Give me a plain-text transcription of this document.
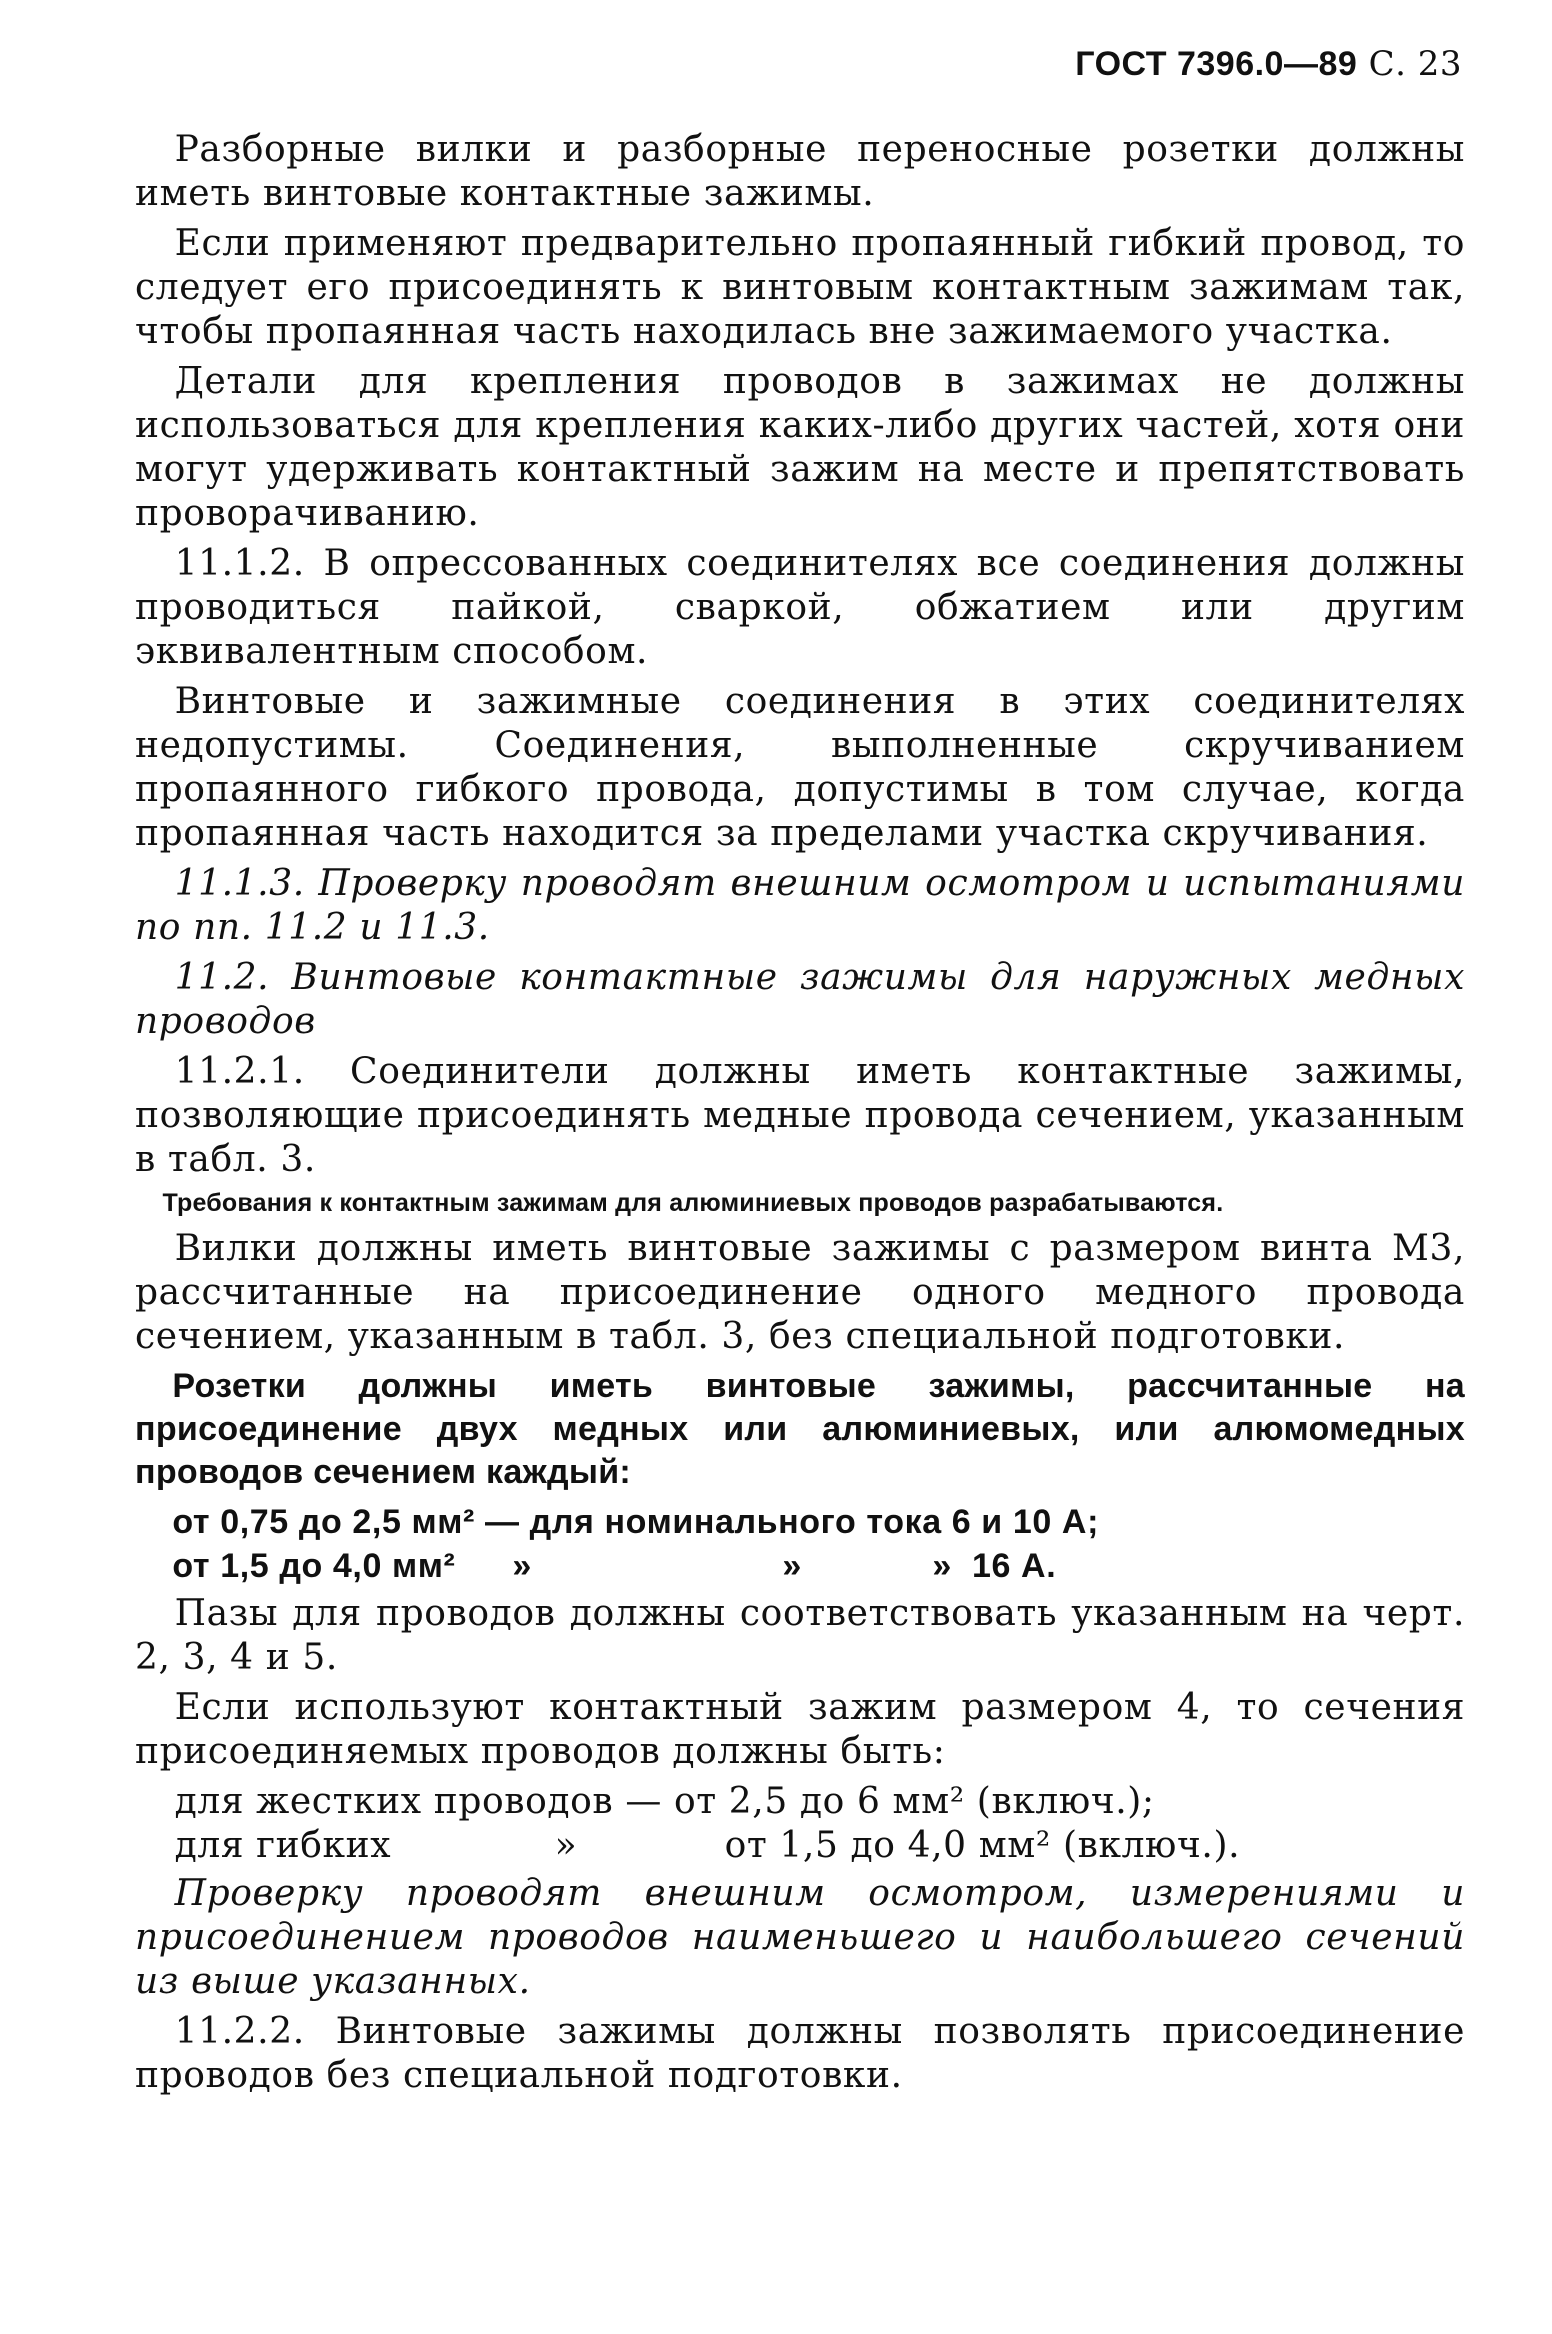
ГОСТ 7396.0—89 С. 23

Разборные вилки и разборные переносные розетки должны иметь винтовые контактные зажимы.

Если применяют предварительно пропаянный гибкий провод, то следует его присоединять к винтовым контактным зажимам так, чтобы пропаянная часть находилась вне зажимаемого участка.

Детали для крепления проводов в зажимах не должны использоваться для крепления каких-либо других частей, хотя они могут удерживать контактный зажим на месте и препятствовать проворачиванию.

11.1.2. В опрессованных соединителях все соединения должны проводиться пайкой, сваркой, обжатием или другим эквивалентным способом.

Винтовые и зажимные соединения в этих соединителях недопустимы. Соединения, выполненные скручиванием пропаянного гибкого провода, допустимы в том случае, когда пропаянная часть находится за пределами участка скручивания.

11.1.3. Проверку проводят внешним осмотром и испытаниями по пп. 11.2 и 11.3.

11.2. Винтовые контактные зажимы для наружных медных проводов

11.2.1. Соединители должны иметь контактные зажимы, позволяющие присоединять медные провода сечением, указанным в табл. 3.

Требования к контактным зажимам для алюминиевых проводов разрабатываются.

Вилки должны иметь винтовые зажимы с размером винта М3, рассчитанные на присоединение одного медного провода сечением, указанным в табл. 3, без специальной подготовки.

Розетки должны иметь винтовые зажимы, рассчитанные на присоединение двух медных или алюминиевых, или алюмомедных проводов сечением каждый:

от 0,75 до 2,5 мм² — для номинального тока 6 и 10 А;
от 1,5 до 4,0 мм² »	»	»  16 А.

Пазы для проводов должны соответствовать указанным на черт. 2, 3, 4 и 5.

Если используют контактный зажим размером 4, то сечения присоединяемых проводов должны быть:

для жестких проводов — от 2,5 до 6 мм² (включ.);
для гибких	»	от 1,5 до 4,0 мм² (включ.).

Проверку проводят внешним осмотром, измерениями и присоединением проводов наименьшего и наибольшего сечений из выше указанных.

11.2.2. Винтовые зажимы должны позволять присоединение проводов без специальной подготовки.
